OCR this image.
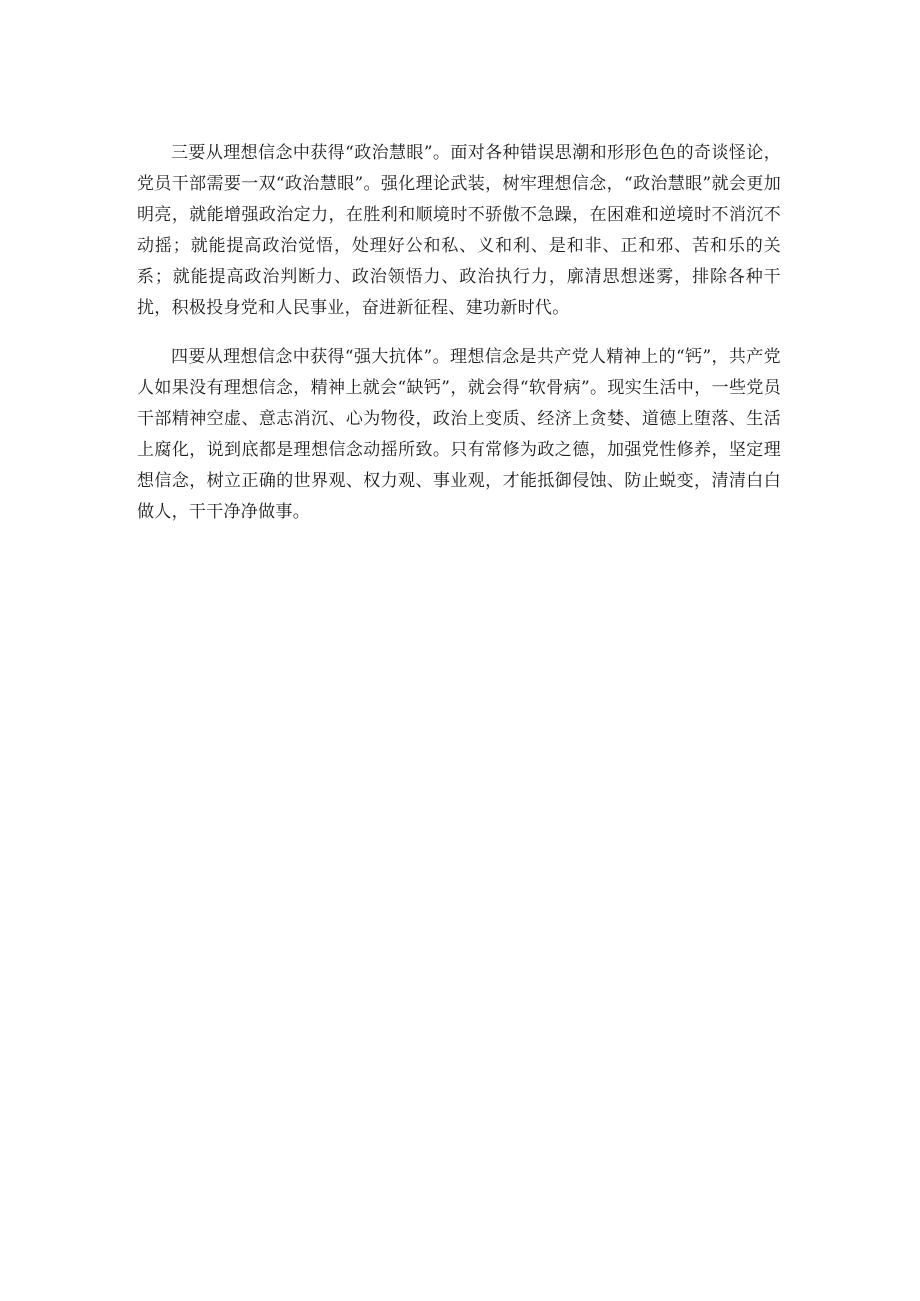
三要从理想信念中获得“政治慧眼”。面对各种错误思潮和形形色色的奇谈怪论，党员干部需要一双“政治慧眼”。强化理论武装，树牢理想信念，“政治慧眼”就会更加明亮，就能增强政治定力，在胜利和顺境时不骄傲不急躁，在困难和逆境时不消沉不动摇；就能提高政治觉悟，处理好公和私、义和利、是和非、正和邪、苦和乐的关系；就能提高政治判断力、政治领悟力、政治执行力，廓清思想迷雾，排除各种干扰，积极投身党和人民事业，奋进新征程、建功新时代。

四要从理想信念中获得“强大抗体”。理想信念是共产党人精神上的“钙”，共产党人如果没有理想信念，精神上就会“缺钙”，就会得“软骨病”。现实生活中，一些党员干部精神空虚、意志消沉、心为物役，政治上变质、经济上贪婪、道德上堕落、生活上腐化，说到底都是理想信念动摇所致。只有常修为政之德，加强党性修养，坚定理想信念，树立正确的世界观、权力观、事业观，才能抵御侵蚀、防止蜕变，清清白白做人，干干净净做事。
